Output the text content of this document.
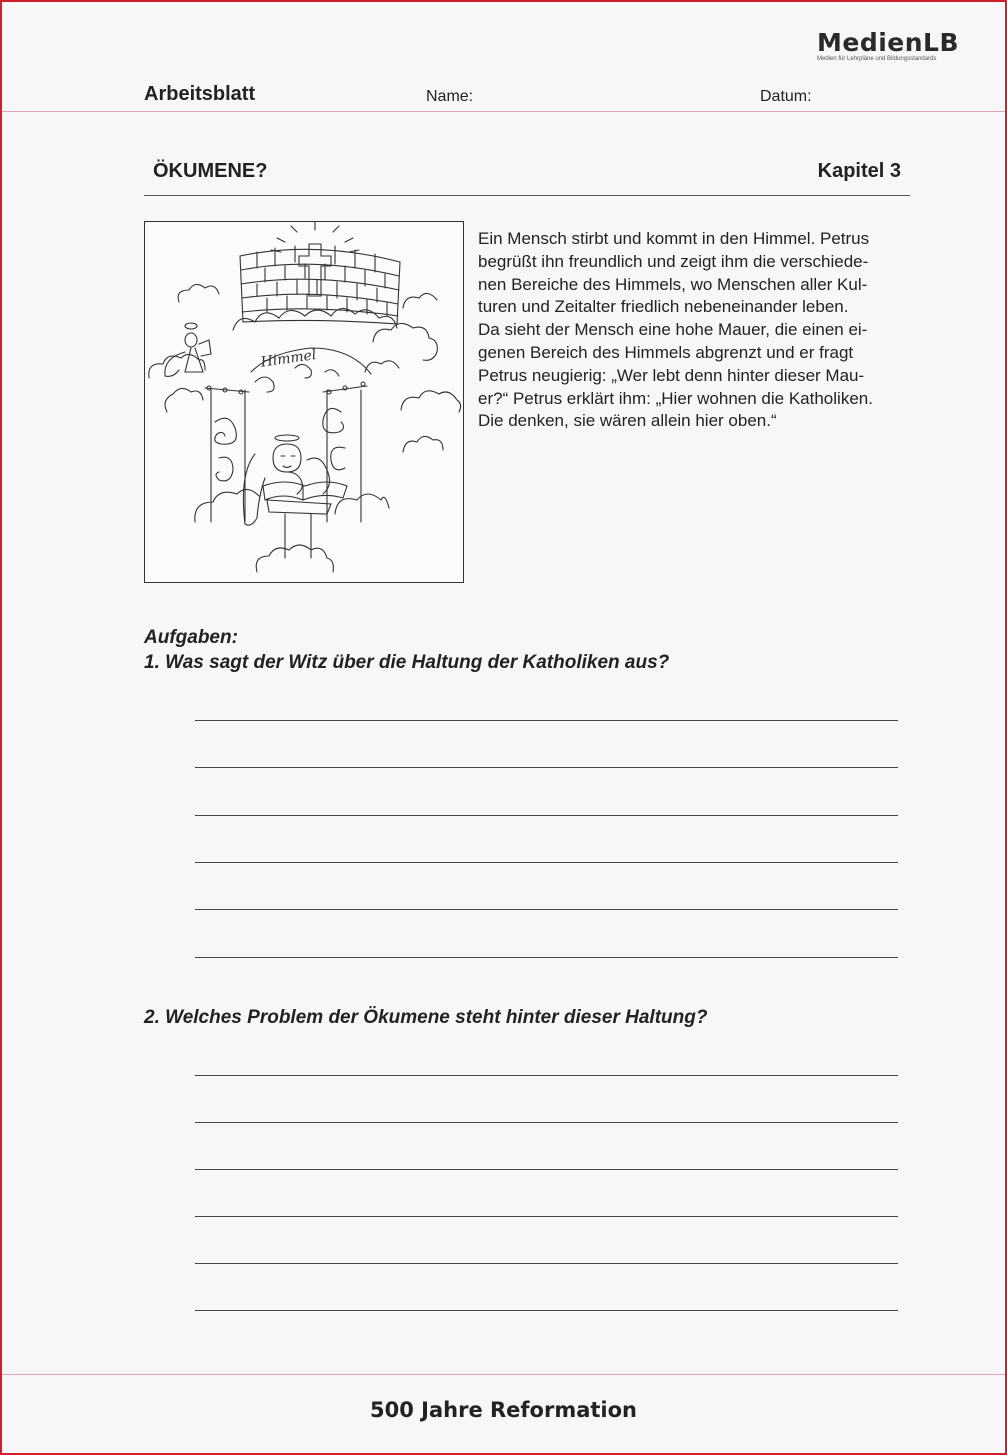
MedienLB
Medien für Lehrpläne und Bildungsstandards
Arbeitsblatt	Name:	Datum:
ÖKUMENE?	Kapitel 3
Himmel
Ein Mensch stirbt und kommt in den Himmel. Petrus
begrüßt ihn freundlich und zeigt ihm die verschiede-
nen Bereiche des Himmels, wo Menschen aller Kul-
turen und Zeitalter friedlich nebeneinander leben.
Da sieht der Mensch eine hohe Mauer, die einen ei-
genen Bereich des Himmels abgrenzt und er fragt
Petrus neugierig: „Wer lebt denn hinter dieser Mau-
er?“ Petrus erklärt ihm: „Hier wohnen die Katholiken.
Die denken, sie wären allein hier oben.“
Aufgaben:
1. Was sagt der Witz über die Haltung der Katholiken aus?
2. Welches Problem der Ökumene steht hinter dieser Haltung?
500 Jahre Reformation
